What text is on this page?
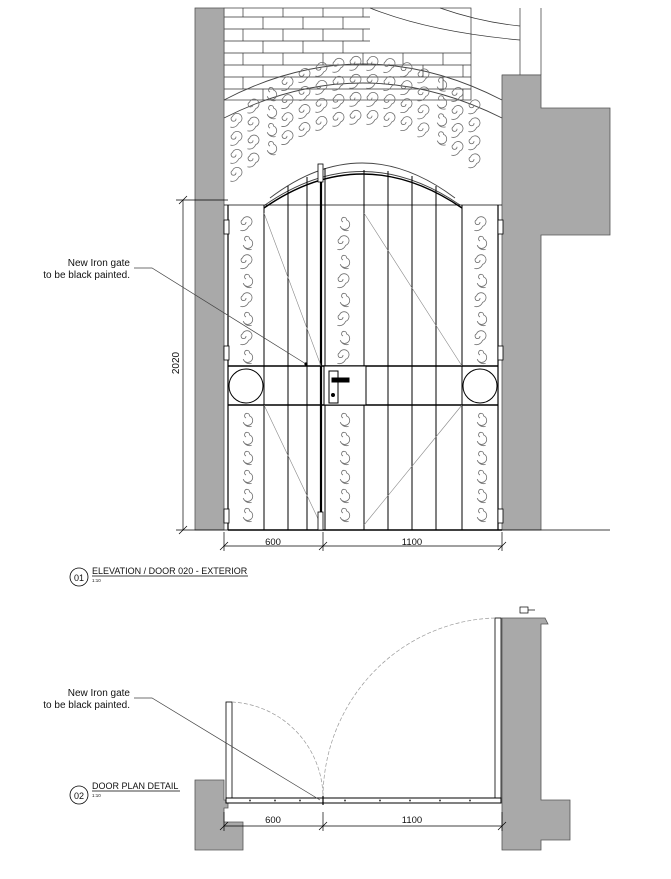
2020
600	1100
New Iron gate
to be black painted.
01
ELEVATION / DOOR 020 - EXTERIOR
1:10
600	1100
New Iron gate
to be black painted.
02
DOOR PLAN DETAIL
1:10
